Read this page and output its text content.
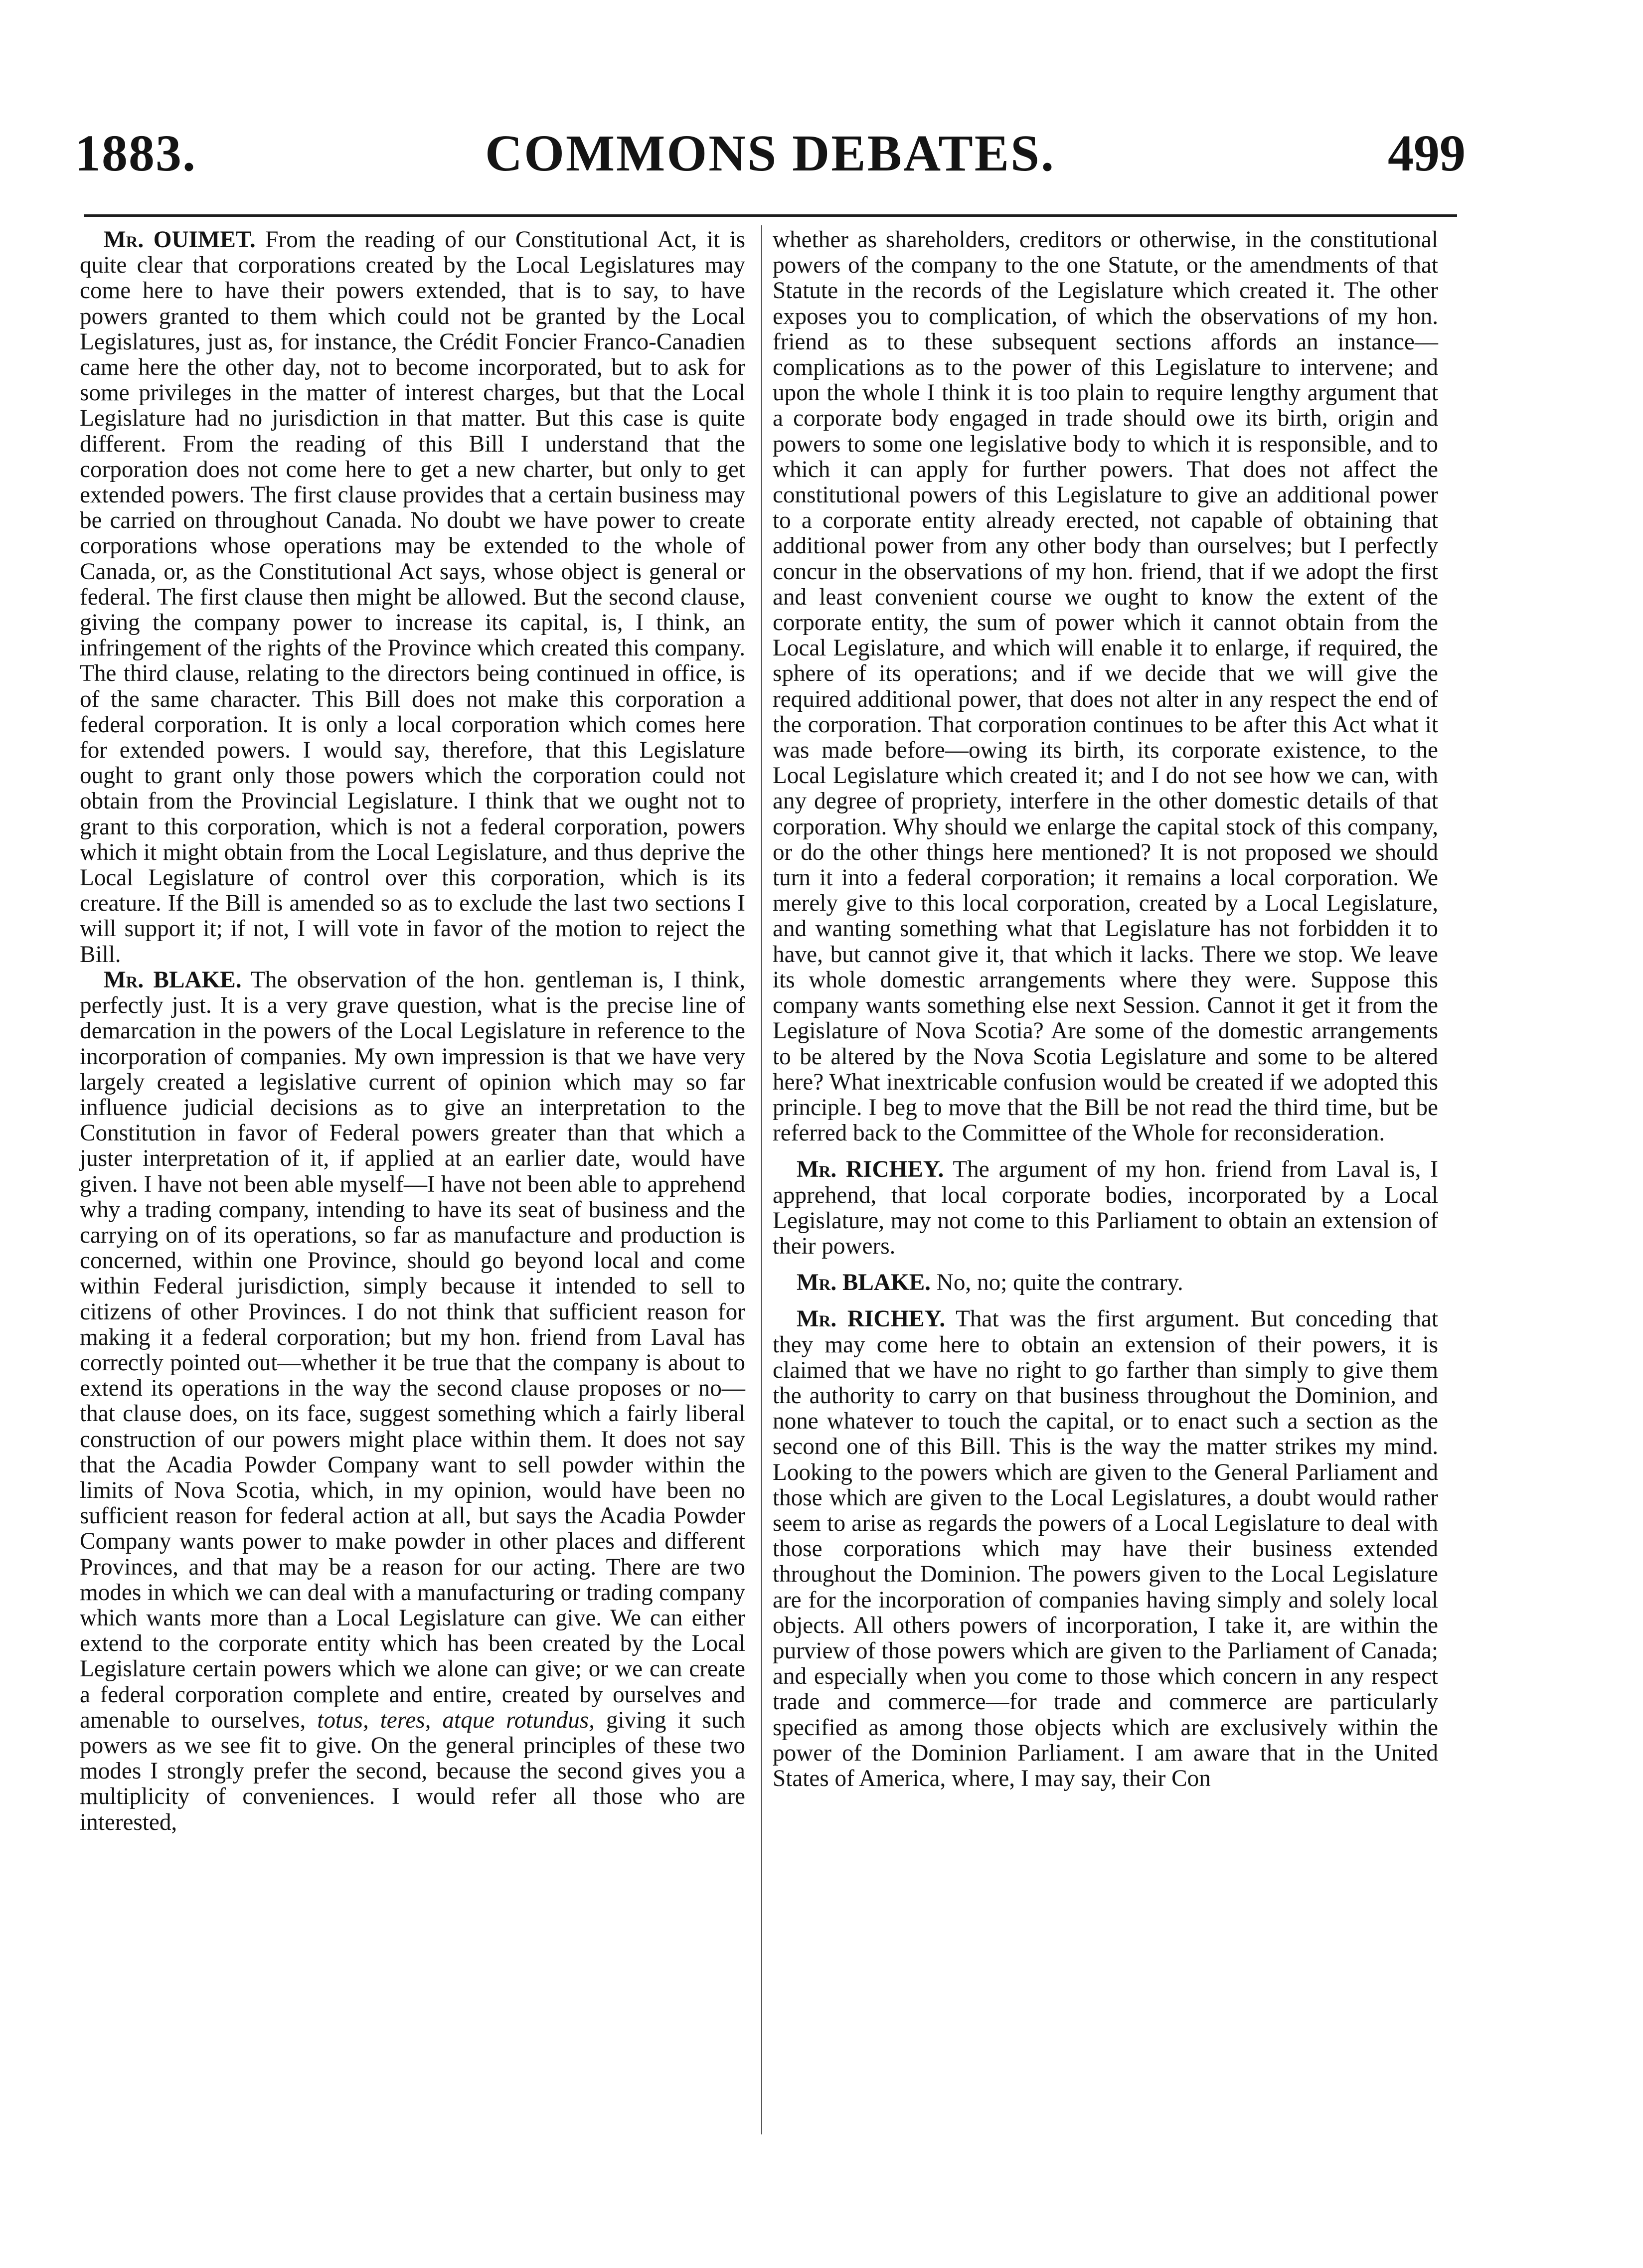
1883.	COMMONS DEBATES.	499

Mr. OUIMET. From the reading of our Constitutional Act, it is quite clear that corporations created by the Local Legislatures may come here to have their powers extended, that is to say, to have powers granted to them which could not be granted by the Local Legislatures, just as, for instance, the Crédit Foncier Franco-Canadien came here the other day, not to become incorporated, but to ask for some privileges in the matter of interest charges, but that the Local Legislature had no jurisdiction in that matter. But this case is quite different. From the reading of this Bill I understand that the corporation does not come here to get a new charter, but only to get extended powers. The first clause provides that a certain business may be carried on throughout Canada. No doubt we have power to create corporations whose operations may be extended to the whole of Canada, or, as the Constitutional Act says, whose object is general or federal. The first clause then might be allowed. But the second clause, giving the company power to increase its capital, is, I think, an infringement of the rights of the Province which created this company. The third clause, relating to the directors being continued in office, is of the same character. This Bill does not make this corporation a federal corporation. It is only a local corporation which comes here for extended powers. I would say, therefore, that this Legislature ought to grant only those powers which the corporation could not obtain from the Provincial Legislature. I think that we ought not to grant to this corporation, which is not a federal corporation, powers which it might obtain from the Local Legislature, and thus deprive the Local Legislature of control over this corporation, which is its creature. If the Bill is amended so as to exclude the last two sections I will support it; if not, I will vote in favor of the motion to reject the Bill.

Mr. BLAKE. The observation of the hon. gentleman is, I think, perfectly just. It is a very grave question, what is the precise line of demarcation in the powers of the Local Legislature in reference to the incorporation of companies. My own impression is that we have very largely created a legislative current of opinion which may so far influence judicial decisions as to give an interpretation to the Constitution in favor of Federal powers greater than that which a juster interpretation of it, if applied at an earlier date, would have given. I have not been able myself—I have not been able to apprehend why a trading company, intending to have its seat of business and the carrying on of its operations, so far as manufacture and production is concerned, within one Province, should go beyond local and come within Federal jurisdiction, simply because it intended to sell to citizens of other Provinces. I do not think that sufficient reason for making it a federal corporation; but my hon. friend from Laval has correctly pointed out—whether it be true that the company is about to extend its operations in the way the second clause proposes or no—that clause does, on its face, suggest something which a fairly liberal construction of our powers might place within them. It does not say that the Acadia Powder Company want to sell powder within the limits of Nova Scotia, which, in my opinion, would have been no sufficient reason for federal action at all, but says the Acadia Powder Company wants power to make powder in other places and different Provinces, and that may be a reason for our acting. There are two modes in which we can deal with a manufacturing or trading company which wants more than a Local Legislature can give. We can either extend to the corporate entity which has been created by the Local Legislature certain powers which we alone can give; or we can create a federal corporation complete and entire, created by ourselves and amenable to ourselves, totus, teres, atque rotundus, giving it such powers as we see fit to give. On the general principles of these two modes I strongly prefer the second, because the second gives you a multiplicity of conveniences. I would refer all those who are interested,

whether as shareholders, creditors or otherwise, in the constitutional powers of the company to the one Statute, or the amendments of that Statute in the records of the Legislature which created it. The other exposes you to complication, of which the observations of my hon. friend as to these subsequent sections affords an instance—complications as to the power of this Legislature to intervene; and upon the whole I think it is too plain to require lengthy argument that a corporate body engaged in trade should owe its birth, origin and powers to some one legislative body to which it is responsible, and to which it can apply for further powers. That does not affect the constitutional powers of this Legislature to give an additional power to a corporate entity already erected, not capable of obtaining that additional power from any other body than ourselves; but I perfectly concur in the observations of my hon. friend, that if we adopt the first and least convenient course we ought to know the extent of the corporate entity, the sum of power which it cannot obtain from the Local Legislature, and which will enable it to enlarge, if required, the sphere of its operations; and if we decide that we will give the required additional power, that does not alter in any respect the end of the corporation. That corporation continues to be after this Act what it was made before—owing its birth, its corporate existence, to the Local Legislature which created it; and I do not see how we can, with any degree of propriety, interfere in the other domestic details of that corporation. Why should we enlarge the capital stock of this company, or do the other things here mentioned? It is not proposed we should turn it into a federal corporation; it remains a local corporation. We merely give to this local corporation, created by a Local Legislature, and wanting something what that Legislature has not forbidden it to have, but cannot give it, that which it lacks. There we stop. We leave its whole domestic arrangements where they were. Suppose this company wants something else next Session. Cannot it get it from the Legislature of Nova Scotia? Are some of the domestic arrangements to be altered by the Nova Scotia Legislature and some to be altered here? What inextricable confusion would be created if we adopted this principle. I beg to move that the Bill be not read the third time, but be referred back to the Committee of the Whole for reconsideration.

Mr. RICHEY. The argument of my hon. friend from Laval is, I apprehend, that local corporate bodies, incorporated by a Local Legislature, may not come to this Parliament to obtain an extension of their powers.

Mr. BLAKE. No, no; quite the contrary.

Mr. RICHEY. That was the first argument. But conceding that they may come here to obtain an extension of their powers, it is claimed that we have no right to go farther than simply to give them the authority to carry on that business throughout the Dominion, and none whatever to touch the capital, or to enact such a section as the second one of this Bill. This is the way the matter strikes my mind. Looking to the powers which are given to the General Parliament and those which are given to the Local Legislatures, a doubt would rather seem to arise as regards the powers of a Local Legislature to deal with those corporations which may have their business extended throughout the Dominion. The powers given to the Local Legislature are for the incorporation of companies having simply and solely local objects. All others powers of incorporation, I take it, are within the purview of those powers which are given to the Parliament of Canada; and especially when you come to those which concern in any respect trade and commerce—for trade and commerce are particularly specified as among those objects which are exclusively within the power of the Dominion Parliament. I am aware that in the United States of America, where, I may say, their Con
